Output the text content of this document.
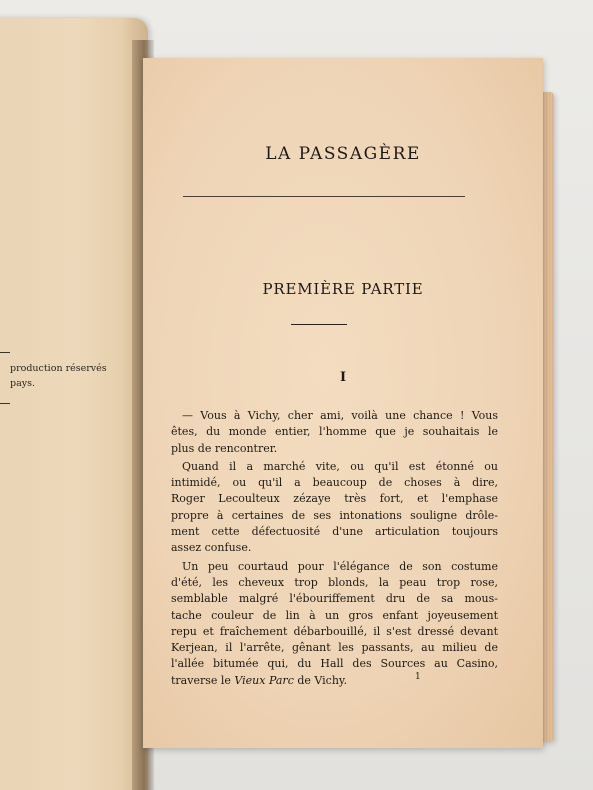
production réservés
pays.
LA PASSAGÈRE
PREMIÈRE PARTIE
I
— Vous à Vichy, cher ami, voilà une chance ! Vous
êtes, du monde entier, l'homme que je souhaitais le
plus de rencontrer.
Quand il a marché vite, ou qu'il est étonné ou
intimidé, ou qu'il a beaucoup de choses à dire,
Roger Lecoulteux zézaye très fort, et l'emphase
propre à certaines de ses intonations souligne drôle-
ment cette défectuosité d'une articulation toujours
assez confuse.
Un peu courtaud pour l'élégance de son costume
d'été, les cheveux trop blonds, la peau trop rose,
semblable malgré l'ébouriffement dru de sa mous-
tache couleur de lin à un gros enfant joyeusement
repu et fraîchement débarbouillé, il s'est dressé devant
Kerjean, il l'arrête, gênant les passants, au milieu de
l'allée bitumée qui, du Hall des Sources au Casino,
traverse le Vieux Parc de Vichy.	1
